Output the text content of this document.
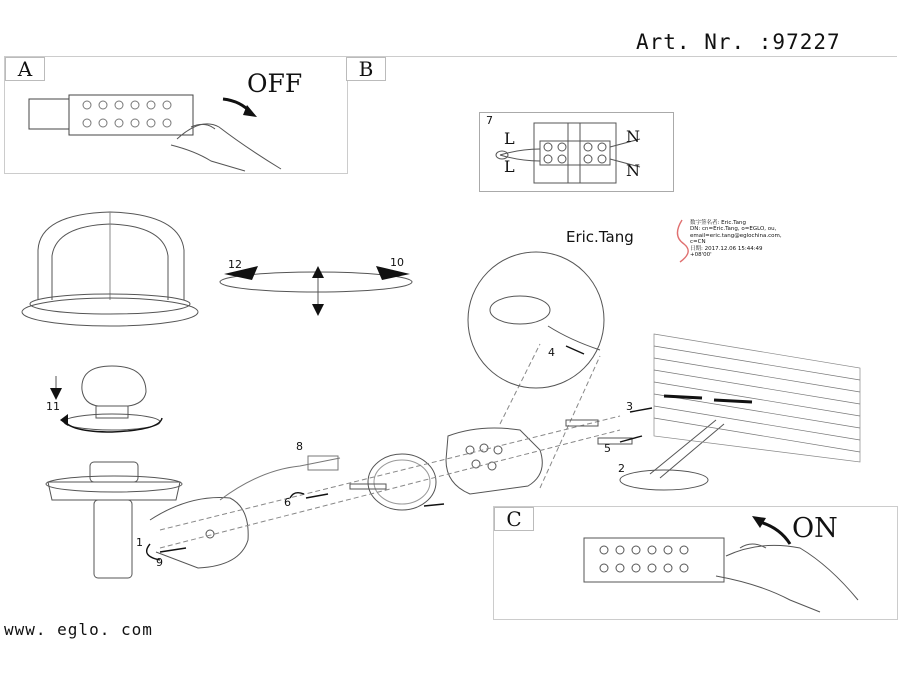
Art. Nr. :97227
www. eglo. com
A	OFF	B
7
L
L
N
N
Eric.Tang
数字签名者: Eric.Tang
DN: cn=Eric.Tang, o=EGLO, ou,
email=eric.tang@eglochina.com,
c=CN
日期: 2017.12.06 15:44:49
+08'00'
C	ON
12	10
11
8
6
1
9
4
3
5
2
